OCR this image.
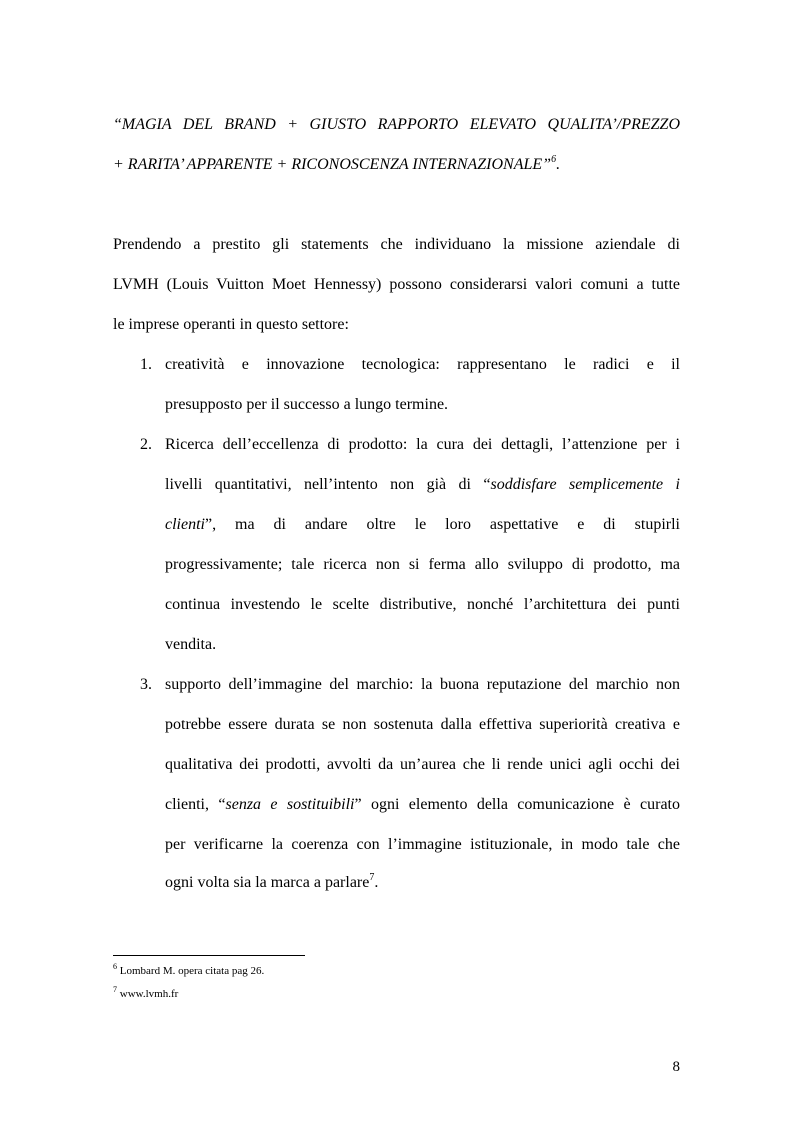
“MAGIA DEL BRAND + GIUSTO RAPPORTO ELEVATO QUALITA’/PREZZO
+ RARITA’ APPARENTE + RICONOSCENZA INTERNAZIONALE”$^6$.
Prendendo a prestito gli statements che individuano la missione aziendale di
LVMH (Louis Vuitton Moet Hennessy) possono considerarsi valori comuni a tutte
le imprese operanti in questo settore:
1. creatività e innovazione tecnologica: rappresentano le radici e il
presupposto per il successo a lungo termine.
2. Ricerca dell’eccellenza di prodotto: la cura dei dettagli, l’attenzione per i
livelli quantitativi, nell’intento non già di “soddisfare semplicemente i
clienti”, ma di andare oltre le loro aspettative e di stupirli
progressivamente; tale ricerca non si ferma allo sviluppo di prodotto, ma
continua investendo le scelte distributive, nonché l’architettura dei punti
vendita.
3. supporto dell’immagine del marchio: la buona reputazione del marchio non
potrebbe essere durata se non sostenuta dalla effettiva superiorità creativa e
qualitativa dei prodotti, avvolti da un’aurea che li rende unici agli occhi dei
clienti, “senza e sostituibili” ogni elemento della comunicazione è curato
per verificarne la coerenza con l’immagine istituzionale, in modo tale che
ogni volta sia la marca a parlare$^7$.
$^6$ Lombard M. opera citata pag 26.
$^7$ www.lvmh.fr
8
